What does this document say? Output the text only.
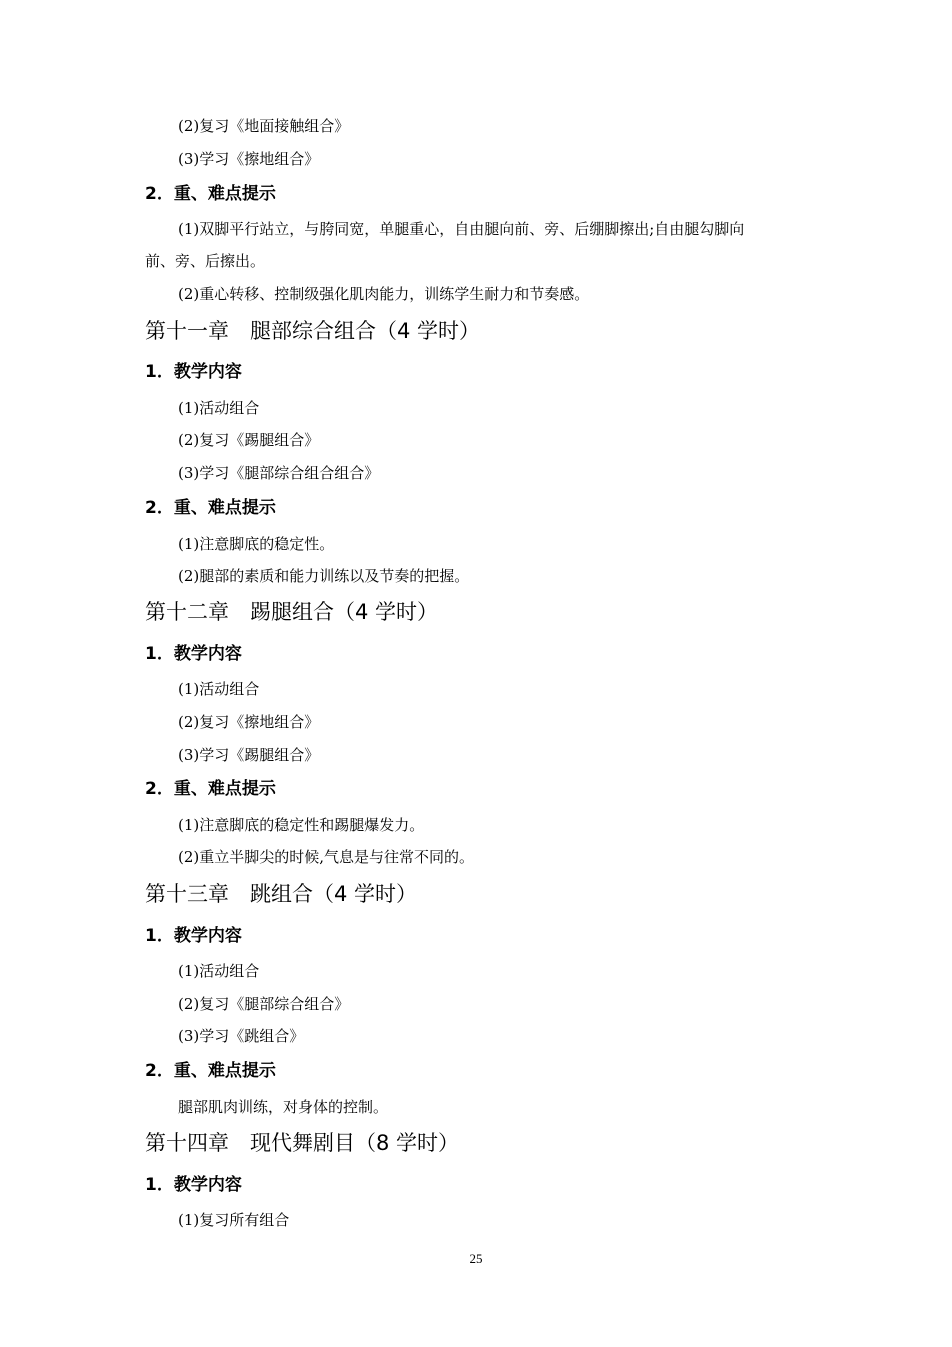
(2)复习《地面接触组合》
(3)学习《擦地组合》
2．重、难点提示
(1)双脚平行站立，与胯同宽，单腿重心，自由腿向前、旁、后绷脚擦出;自由腿勾脚向
前、旁、后擦出。
(2)重心转移、控制级强化肌肉能力，训练学生耐力和节奏感。
第十一章　腿部综合组合（4 学时）
1．教学内容
(1)活动组合
(2)复习《踢腿组合》
(3)学习《腿部综合组合组合》
2．重、难点提示
(1)注意脚底的稳定性。
(2)腿部的素质和能力训练以及节奏的把握。
第十二章　踢腿组合（4 学时）
1．教学内容
(1)活动组合
(2)复习《擦地组合》
(3)学习《踢腿组合》
2．重、难点提示
(1)注意脚底的稳定性和踢腿爆发力。
(2)重立半脚尖的时候,气息是与往常不同的。
第十三章　跳组合（4 学时）
1．教学内容
(1)活动组合
(2)复习《腿部综合组合》
(3)学习《跳组合》
2．重、难点提示
腿部肌肉训练，对身体的控制。
第十四章　现代舞剧目（8 学时）
1．教学内容
(1)复习所有组合
25
